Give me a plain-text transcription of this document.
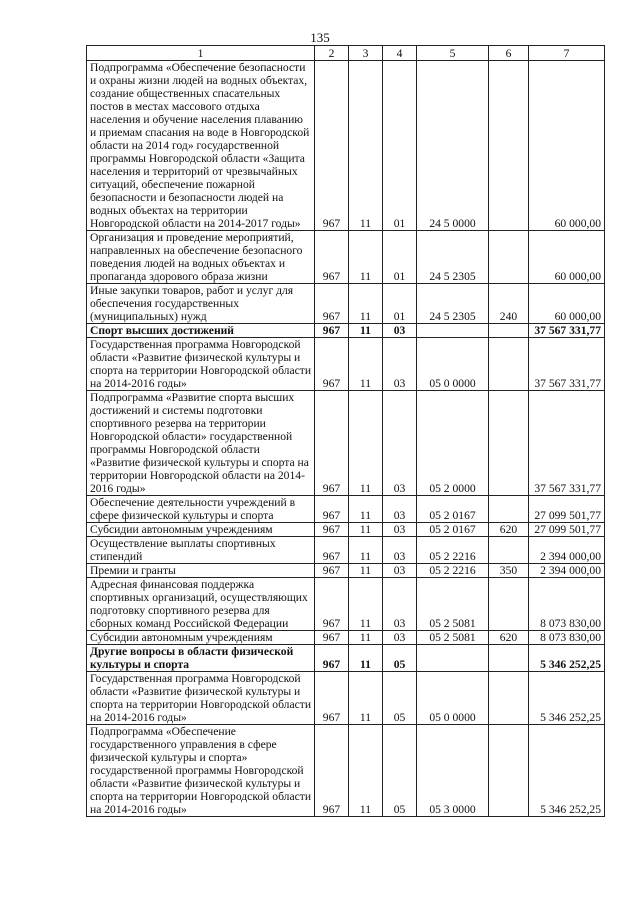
135
1	2	3	4	5	6	7
Подпрограмма «Обеспечение безопасности и охраны жизни людей на водных объектах, создание общественных спасательных постов в местах массового отдыха населения и обучение населения плаванию и приемам спасания на воде в Новгородской области на 2014 год» государственной программы Новгородской области «Защита населения и территорий от чрезвычайных ситуаций, обеспечение пожарной безопасности и безопасности людей на водных объектах на территории Новгородской области на 2014-2017 годы»	967	11	01	24 5 0000		60 000,00
Организация и проведение мероприятий, направленных на обеспечение безопасного поведения людей на водных объектах и пропаганда здорового образа жизни	967	11	01	24 5 2305		60 000,00
Иные закупки товаров, работ и услуг для обеспечения государственных (муниципальных) нужд	967	11	01	24 5 2305	240	60 000,00
Спорт высших достижений	967	11	03			37 567 331,77
Государственная программа Новгородской области «Развитие физической культуры и спорта на территории Новгородской области на 2014-2016 годы»	967	11	03	05 0 0000		37 567 331,77
Подпрограмма «Развитие спорта высших достижений и системы подготовки спортивного резерва на территории Новгородской области» государственной программы Новгородской области «Развитие физической культуры и спорта на территории Новгородской области на 2014-2016 годы»	967	11	03	05 2 0000		37 567 331,77
Обеспечение деятельности учреждений в сфере физической культуры и спорта	967	11	03	05 2 0167		27 099 501,77
Субсидии автономным учреждениям	967	11	03	05 2 0167	620	27 099 501,77
Осуществление выплаты спортивных стипендий	967	11	03	05 2 2216		2 394 000,00
Премии и гранты	967	11	03	05 2 2216	350	2 394 000,00
Адресная финансовая поддержка спортивных организаций, осуществляющих подготовку спортивного резерва для сборных команд Российской Федерации	967	11	03	05 2 5081		8 073 830,00
Субсидии автономным учреждениям	967	11	03	05 2 5081	620	8 073 830,00
Другие вопросы в области физической культуры и спорта	967	11	05			5 346 252,25
Государственная программа Новгородской области «Развитие физической культуры и спорта на территории Новгородской области на 2014-2016 годы»	967	11	05	05 0 0000		5 346 252,25
Подпрограмма «Обеспечение государственного управления в сфере физической культуры и спорта» государственной программы Новгородской области «Развитие физической культуры и спорта на территории Новгородской области на 2014-2016 годы»	967	11	05	05 3 0000		5 346 252,25
